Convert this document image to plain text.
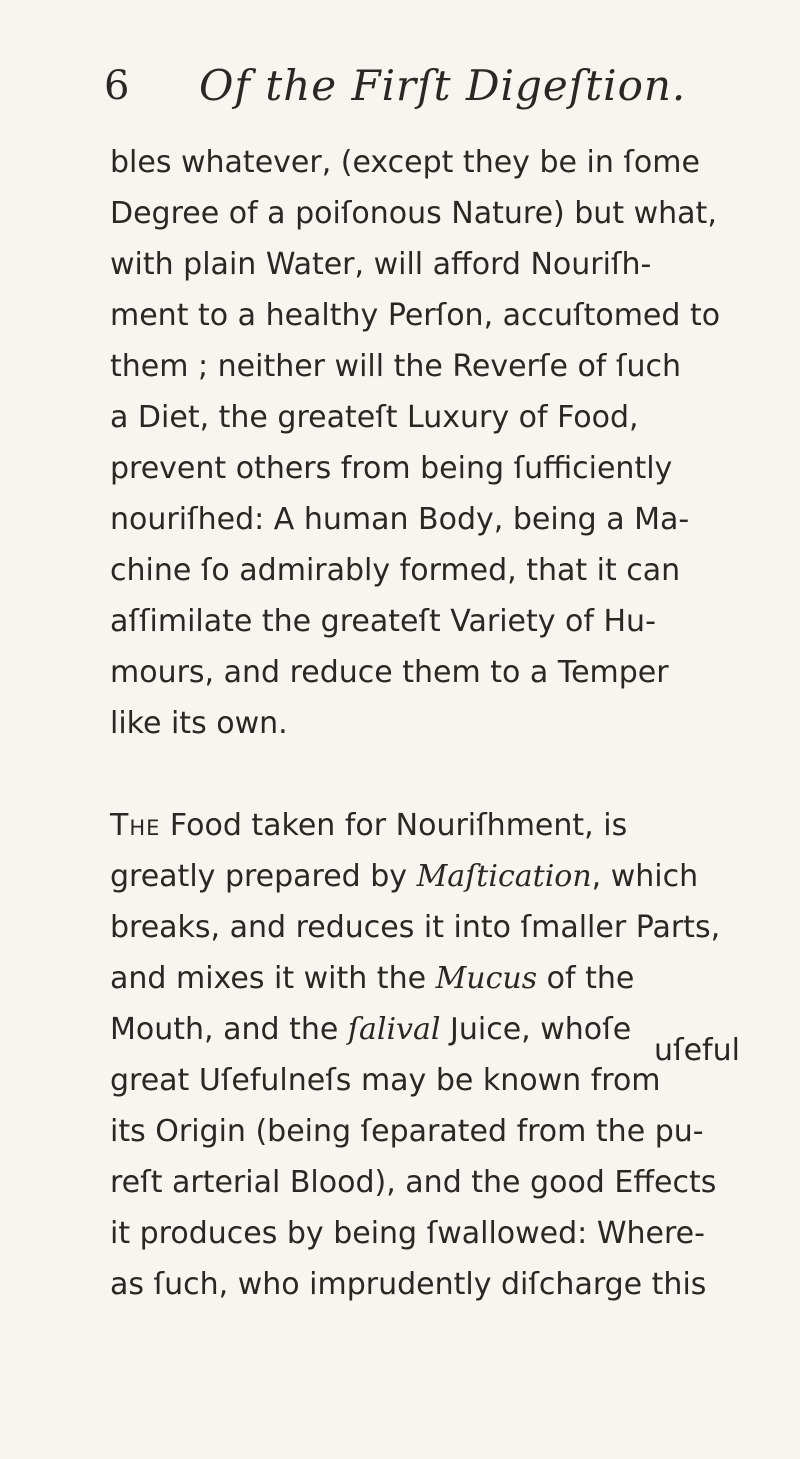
6 Of the Firſt Digeſtion.
bles whatever, (except they be in ſome
Degree of a poiſonous Nature) but what,
with plain Water, will afford Nouriſh-
ment to a healthy Perſon, accuſtomed to
them ; neither will the Reverſe of ſuch
a Diet, the greateſt Luxury of Food,
prevent others from being ſufficiently
nouriſhed: A human Body, being a Ma-
chine ſo admirably formed, that it can
aſſimilate the greateſt Variety of Hu-
mours, and reduce them to a Temper
like its own.
The Food taken for Nouriſhment, is
greatly prepared by Maſtication, which
breaks, and reduces it into ſmaller Parts,
and mixes it with the Mucus of the
Mouth, and the ſalival Juice, whoſe
great Uſefulneſs may be known from
its Origin (being ſeparated from the pu-
reſt arterial Blood), and the good Effects
it produces by being ſwallowed: Where-
as ſuch, who imprudently diſcharge this
uſeful
